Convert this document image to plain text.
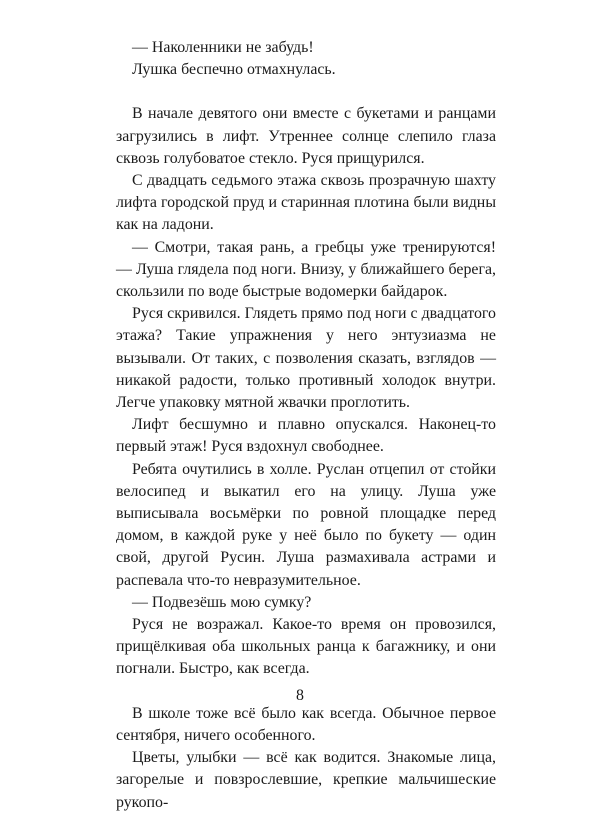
— Наколенники не забудь!

Лушка беспечно отмахнулась.

В начале девятого они вместе с букетами и ранцами загрузились в лифт. Утреннее солнце слепило глаза сквозь голубоватое стекло. Руся прищурился.

С двадцать седьмого этажа сквозь прозрачную шахту лифта городской пруд и старинная плотина были видны как на ладони.

— Смотри, такая рань, а гребцы уже тренируются! — Луша глядела под ноги. Внизу, у ближайшего берега, скользили по воде быстрые водомерки байдарок.

Руся скривился. Глядеть прямо под ноги с двадцатого этажа? Такие упражнения у него энтузиазма не вызывали. От таких, с позволения сказать, взглядов — никакой радости, только противный холодок внутри. Легче упаковку мятной жвачки проглотить.

Лифт бесшумно и плавно опускался. Наконец-то первый этаж! Руся вздохнул свободнее.

Ребята очутились в холле. Руслан отцепил от стойки велосипед и выкатил его на улицу. Луша уже выписывала восьмёрки по ровной площадке перед домом, в каждой руке у неё было по букету — один свой, другой Русин. Луша размахивала астрами и распевала что-то невразумительное.

— Подвезёшь мою сумку?

Руся не возражал. Какое-то время он провозился, прищёлкивая оба школьных ранца к багажнику, и они погнали. Быстро, как всегда.

В школе тоже всё было как всегда. Обычное первое сентября, ничего особенного.

Цветы, улыбки — всё как водится. Знакомые лица, загорелые и повзрослевшие, крепкие мальчишеские рукопо-

8
